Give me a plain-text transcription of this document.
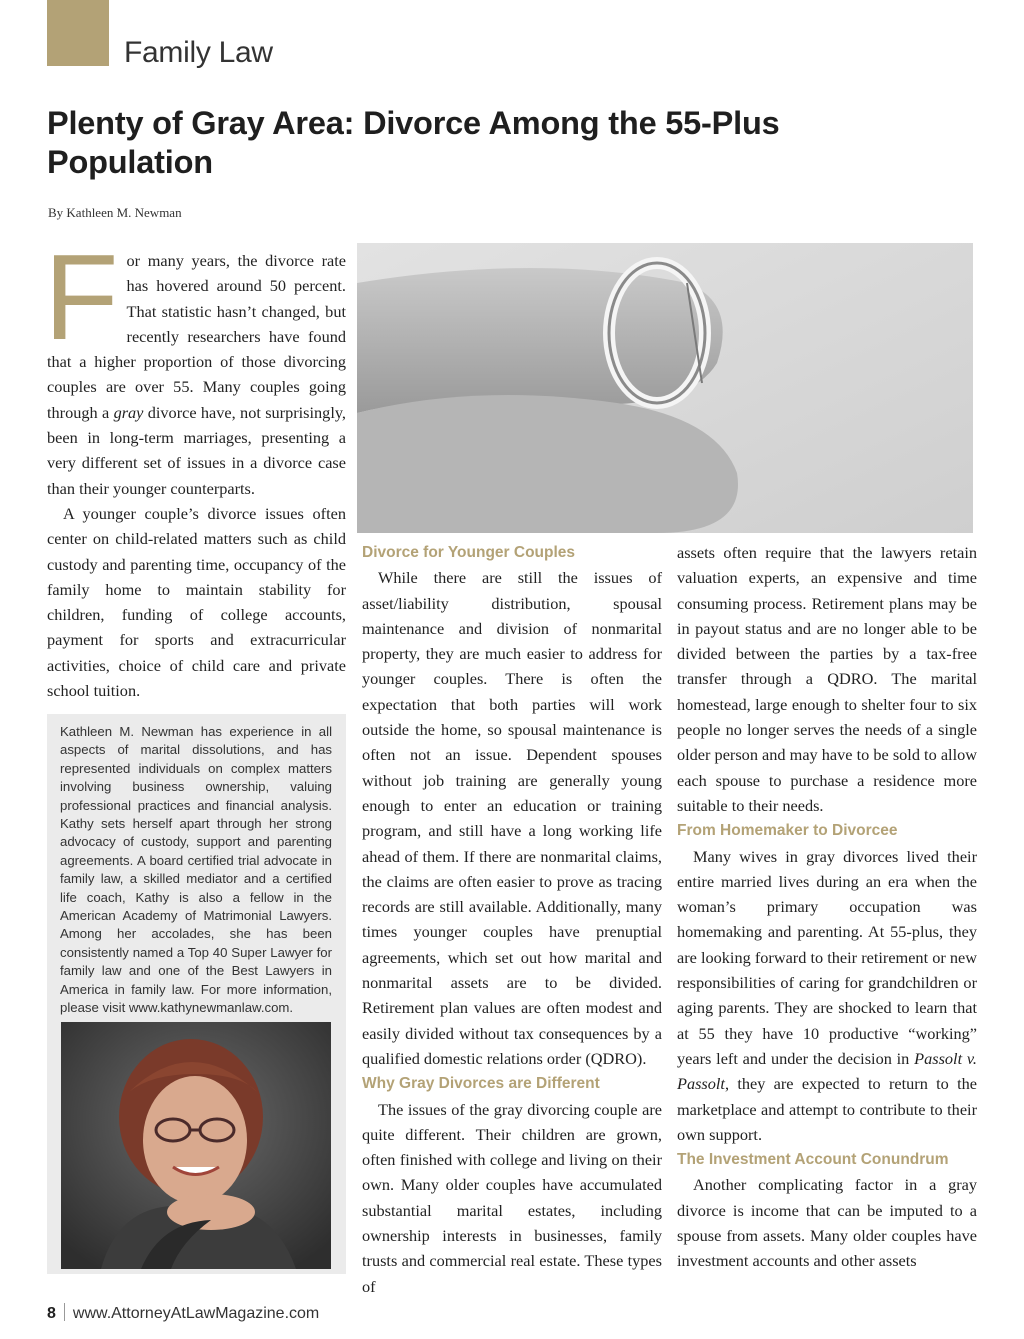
Family Law
Plenty of Gray Area: Divorce Among the 55-Plus Population
By Kathleen M. Newman

For many years, the divorce rate has hovered around 50 percent. That statistic hasn’t changed, but recently researchers have found that a higher proportion of those divorcing couples are over 55. Many couples going through a gray divorce have, not surprisingly, been in long-term marriages, presenting a very different set of issues in a divorce case than their younger counterparts.

A younger couple’s divorce issues often center on child-related matters such as child custody and parenting time, occupancy of the family home to maintain stability for children, funding of college accounts, payment for sports and extracurricular activities, choice of child care and private school tuition.

Kathleen M. Newman has experience in all aspects of marital dissolutions, and has represented individuals on complex matters involving business ownership, valuing professional practices and financial analysis. Kathy sets herself apart through her strong advocacy of custody, support and parenting agreements. A board certified trial advocate in family law, a skilled mediator and a certified life coach, Kathy is also a fellow in the American Academy of Matrimonial Lawyers. Among her accolades, she has been consistently named a Top 40 Super Lawyer for family law and one of the Best Lawyers in America in family law. For more information, please visit www.kathynewmanlaw.com.
Divorce for Younger Couples

While there are still the issues of asset/liability distribution, spousal maintenance and division of nonmarital property, they are much easier to address for younger couples. There is often the expectation that both parties will work outside the home, so spousal maintenance is often not an issue. Dependent spouses without job training are generally young enough to enter an education or training program, and still have a long working life ahead of them. If there are nonmarital claims, the claims are often easier to prove as tracing records are still available. Additionally, many times younger couples have prenuptial agreements, which set out how marital and nonmarital assets are to be divided. Retirement plan values are often modest and easily divided without tax consequences by a qualified domestic relations order (QDRO).

Why Gray Divorces are Different

The issues of the gray divorcing couple are quite different. Their children are grown, often finished with college and living on their own. Many older couples have accumulated substantial marital estates, including ownership interests in businesses, family trusts and commercial real estate. These types of

assets often require that the lawyers retain valuation experts, an expensive and time consuming process. Retirement plans may be in payout status and are no longer able to be divided between the parties by a tax-free transfer through a QDRO. The marital homestead, large enough to shelter four to six people no longer serves the needs of a single older person and may have to be sold to allow each spouse to purchase a residence more suitable to their needs.

From Homemaker to Divorcee

Many wives in gray divorces lived their entire married lives during an era when the woman’s primary occupation was homemaking and parenting. At 55-plus, they are looking forward to their retirement or new responsibilities of caring for grandchildren or aging parents. They are shocked to learn that at 55 they have 10 productive “working” years left and under the decision in Passolt v. Passolt, they are expected to return to the marketplace and attempt to contribute to their own support.

The Investment Account Conundrum

Another complicating factor in a gray divorce is income that can be imputed to a spouse from assets. Many older couples have investment accounts and other assets

8 www.AttorneyAtLawMagazine.com
